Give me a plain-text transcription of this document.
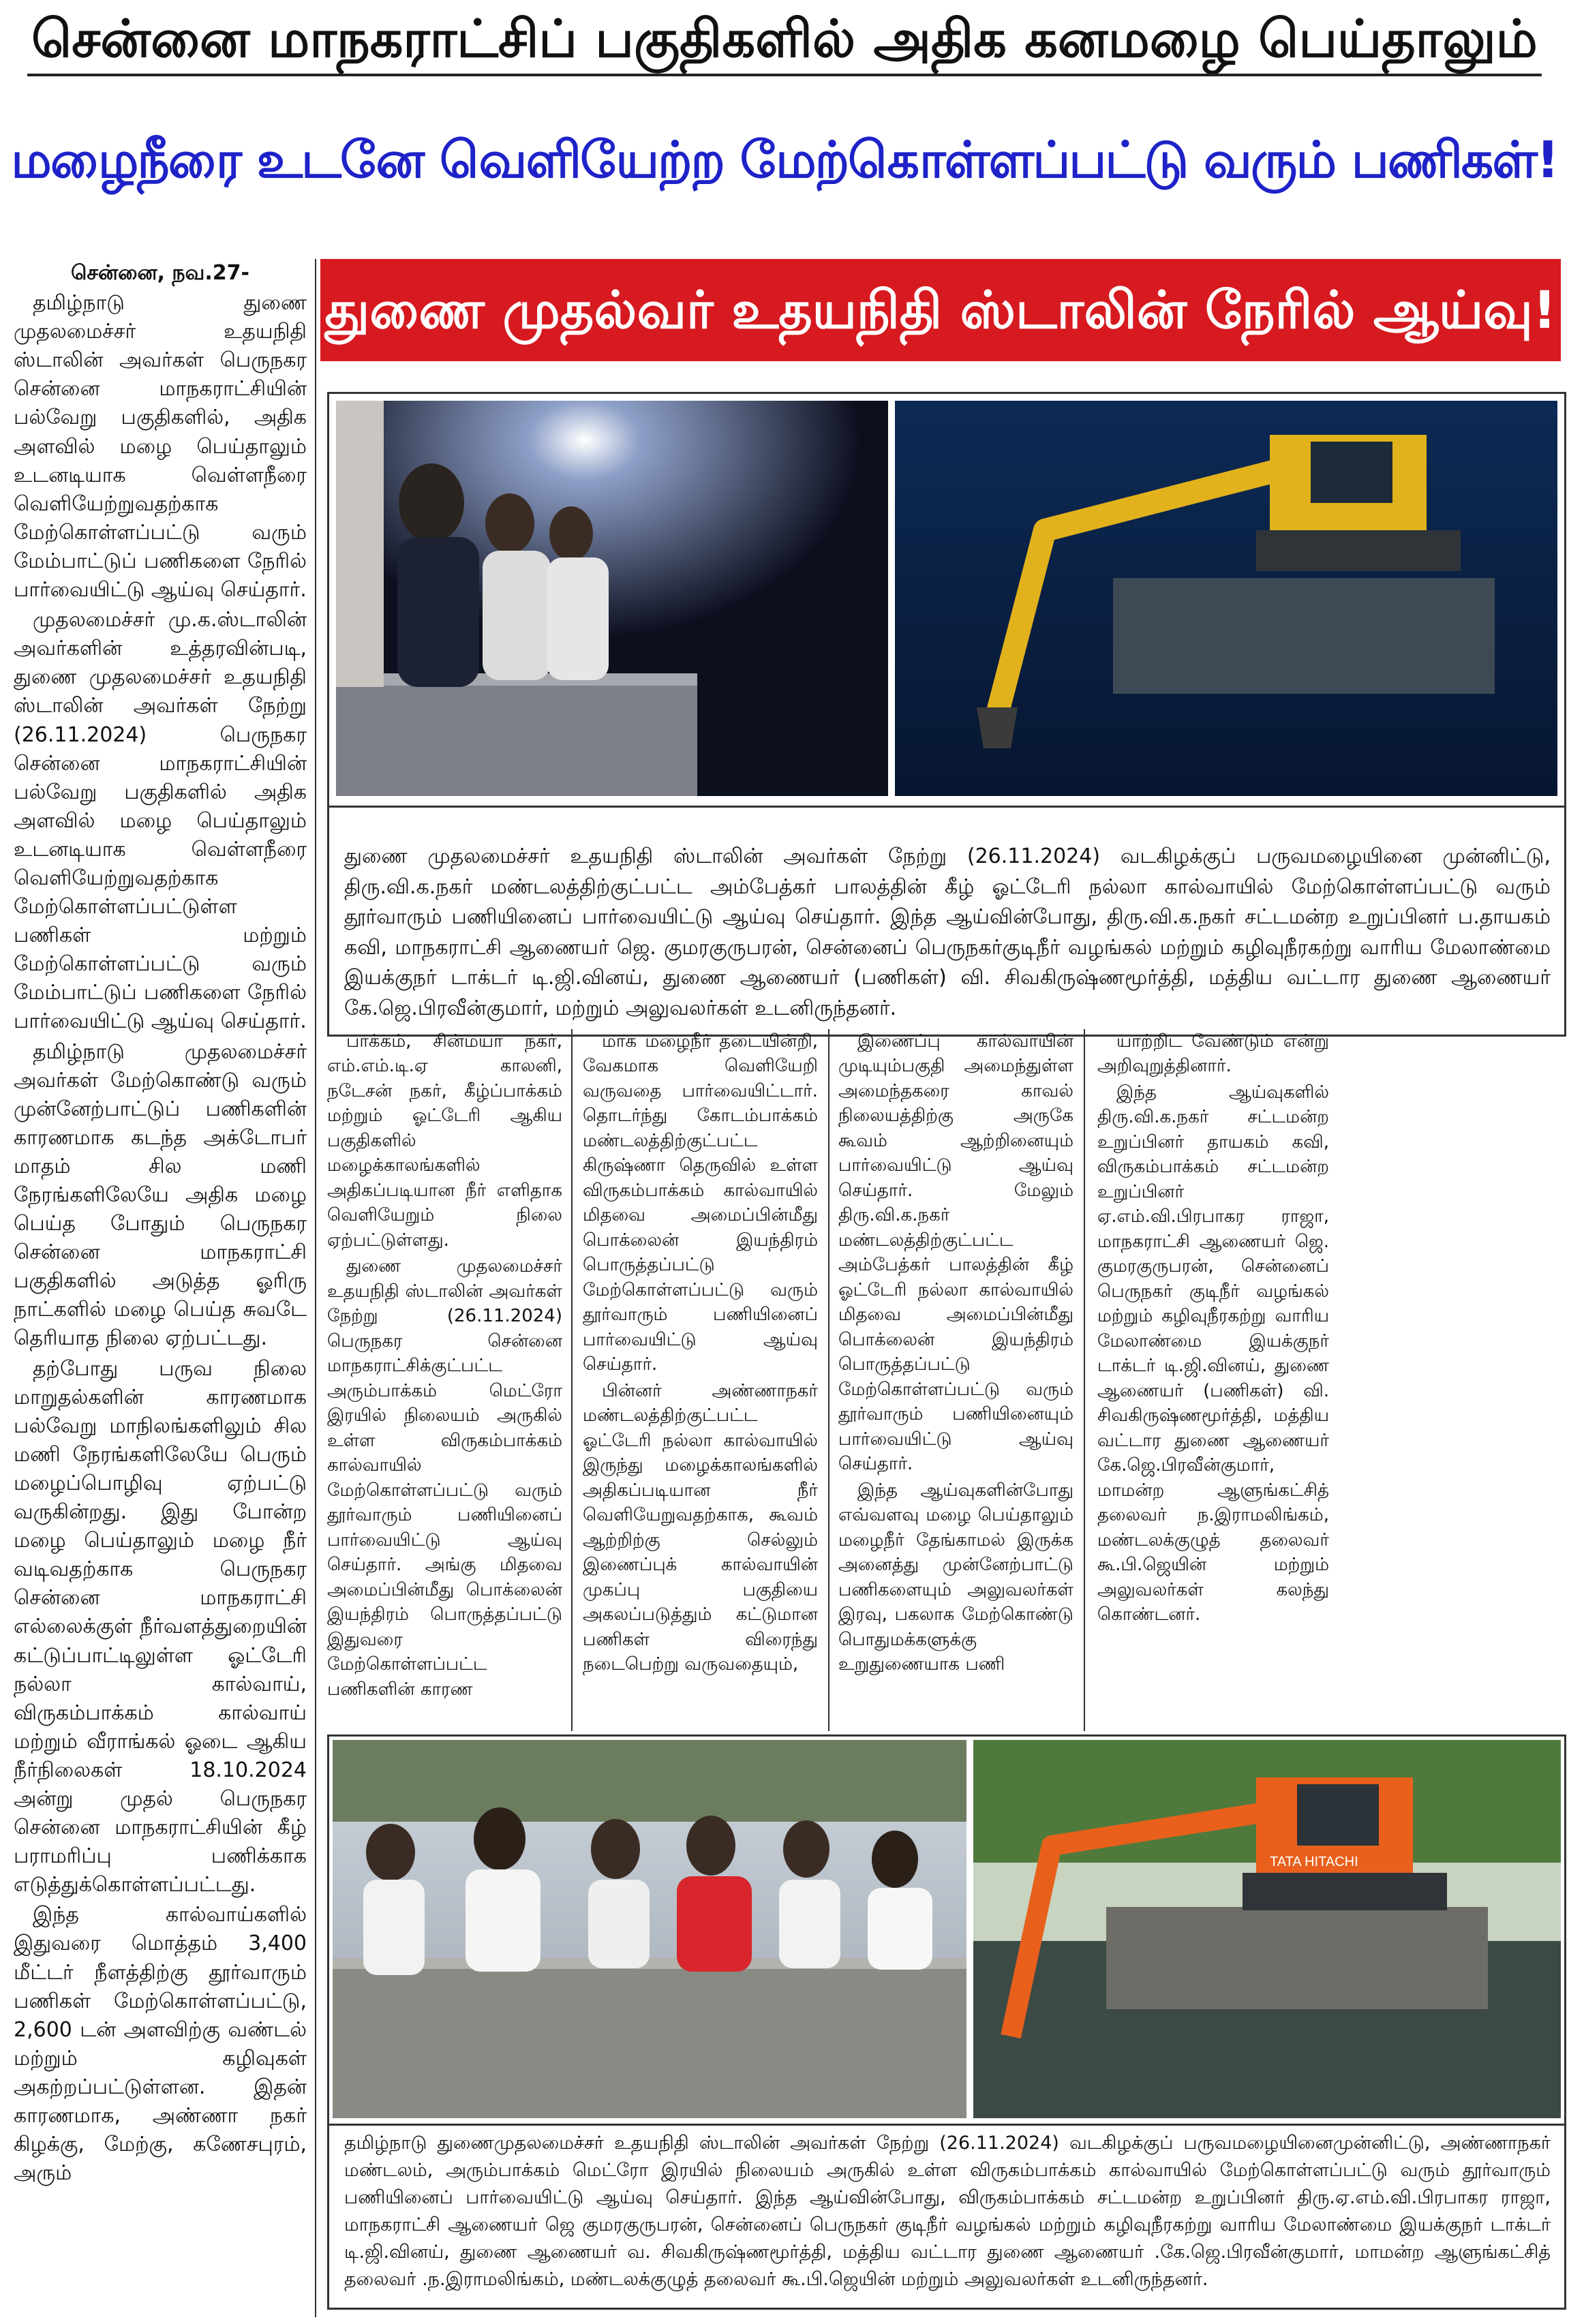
சென்னை மாநகராட்சிப் பகுதிகளில் அதிக கனமழை பெய்தாலும்
மழைநீரை உடனே வெளியேற்ற மேற்கொள்ளப்பட்டு வரும் பணிகள்!
துணை முதல்வர் உதயநிதி ஸ்டாலின் நேரில் ஆய்வு!

சென்னை, நவ.27-

தமிழ்நாடு துணை முதலமைச்சர் உதயநிதி ஸ்டாலின் அவர்கள் பெருநகர சென்னை மாநகராட்சியின் பல்வேறு பகுதிகளில், அதிக அளவில் மழை பெய்தாலும் உடனடியாக வெள்ளநீரை வெளியேற்றுவதற்காக மேற்கொள்ளப்பட்டு வரும் மேம்பாட்டுப் பணிகளை நேரில் பார்வையிட்டு ஆய்வு செய்தார்.

முதலமைச்சர் மு.க.ஸ்டாலின் அவர்களின் உத்தரவின்படி, துணை முதலமைச்சர் உதயநிதி ஸ்டாலின் அவர்கள் நேற்று (26.11.2024) பெருநகர சென்னை மாநகராட்சியின் பல்வேறு பகுதிகளில் அதிக அளவில் மழை பெய்தாலும் உடனடியாக வெள்ளநீரை வெளியேற்றுவதற்காக மேற்கொள்ளப்பட்டுள்ள பணிகள் மற்றும் மேற்கொள்ளப்பட்டு வரும் மேம்பாட்டுப் பணிகளை நேரில் பார்வையிட்டு ஆய்வு செய்தார்.

தமிழ்நாடு முதலமைச்சர் அவர்கள் மேற்கொண்டு வரும் முன்னேற்பாட்டுப் பணிகளின் காரணமாக கடந்த அக்டோபர் மாதம் சில மணி நேரங்களிலேயே அதிக மழை பெய்த போதும் பெருநகர சென்னை மாநகராட்சி பகுதிகளில் அடுத்த ஓரிரு நாட்களில் மழை பெய்த சுவடே தெரியாத நிலை ஏற்பட்டது.

தற்போது பருவ நிலை மாறுதல்களின் காரணமாக பல்வேறு மாநிலங்களிலும் சில மணி நேரங்களிலேயே பெரும் மழைப்பொழிவு ஏற்பட்டு வருகின்றது. இது போன்ற மழை பெய்தாலும் மழை நீர் வடிவதற்காக பெருநகர சென்னை மாநகராட்சி எல்லைக்குள் நீர்வளத்துறையின் கட்டுப்பாட்டிலுள்ள ஓட்டேரி நல்லா கால்வாய், விருகம்பாக்கம் கால்வாய் மற்றும் வீராங்கல் ஓடை ஆகிய நீர்நிலைகள் 18.10.2024 அன்று முதல் பெருநகர சென்னை மாநகராட்சியின் கீழ் பராமரிப்பு பணிக்காக எடுத்துக்கொள்ளப்பட்டது.

இந்த கால்வாய்களில் இதுவரை மொத்தம் 3,400 மீட்டர் நீளத்திற்கு தூர்வாரும் பணிகள் மேற்கொள்ளப்பட்டு, 2,600 டன் அளவிற்கு வண்டல் மற்றும் கழிவுகள் அகற்றப்பட்டுள்ளன. இதன் காரணமாக, அண்ணா நகர் கிழக்கு, மேற்கு, கணேசபுரம், அரும்

துணை முதலமைச்சர் உதயநிதி ஸ்டாலின் அவர்கள் நேற்று (26.11.2024) வடகிழக்குப் பருவமழையினை முன்னிட்டு, திரு.வி.க.நகர் மண்டலத்திற்குட்பட்ட அம்பேத்கர் பாலத்தின் கீழ் ஓட்டேரி நல்லா கால்வாயில் மேற்கொள்ளப்பட்டு வரும் தூர்வாரும் பணியினைப் பார்வையிட்டு ஆய்வு செய்தார். இந்த ஆய்வின்போது, திரு.வி.க.நகர் சட்டமன்ற உறுப்பினர் ப.தாயகம் கவி, மாநகராட்சி ஆணையர் ஜெ. குமரகுருபரன், சென்னைப் பெருநகர்குடிநீர் வழங்கல் மற்றும் கழிவுநீரகற்று வாரிய மேலாண்மை இயக்குநர் டாக்டர் டி.ஜி.வினய், துணை ஆணையர் (பணிகள்) வி. சிவகிருஷ்ணமூர்த்தி, மத்திய வட்டார துணை ஆணையர் கே.ஜெ.பிரவீன்குமார், மற்றும் அலுவலர்கள் உடனிருந்தனர்.

பாக்கம், சின்மயா நகர், எம்.எம்.டி.ஏ காலனி, நடேசன் நகர், கீழ்ப்பாக்கம் மற்றும் ஓட்டேரி ஆகிய பகுதிகளில் மழைக்காலங்களில் அதிகப்படியான நீர் எளிதாக வெளியேறும் நிலை ஏற்பட்டுள்ளது.

துணை முதலமைச்சர் உதயநிதி ஸ்டாலின் அவர்கள் நேற்று (26.11.2024) பெருநகர சென்னை மாநகராட்சிக்குட்பட்ட அரும்பாக்கம் மெட்ரோ இரயில் நிலையம் அருகில் உள்ள விருகம்பாக்கம் கால்வாயில் மேற்கொள்ளப்பட்டு வரும் தூர்வாரும் பணியினைப் பார்வையிட்டு ஆய்வு செய்தார். அங்கு மிதவை அமைப்பின்மீது பொக்லைன் இயந்திரம் பொருத்தப்பட்டு இதுவரை மேற்கொள்ளப்பட்ட பணிகளின் காரண

மாக மழைநீர் தடையின்றி, வேகமாக வெளியேறி வருவதை பார்வையிட்டார். தொடர்ந்து கோடம்பாக்கம் மண்டலத்திற்குட்பட்ட கிருஷ்ணா தெருவில் உள்ள விருகம்பாக்கம் கால்வாயில் மிதவை அமைப்பின்மீது பொக்லைன் இயந்திரம் பொருத்தப்பட்டு மேற்கொள்ளப்பட்டு வரும் தூர்வாரும் பணியினைப் பார்வையிட்டு ஆய்வு செய்தார்.

பின்னர் அண்ணாநகர் மண்டலத்திற்குட்பட்ட ஓட்டேரி நல்லா கால்வாயில் இருந்து மழைக்காலங்களில் அதிகப்படியான நீர் வெளியேறுவதற்காக, கூவம் ஆற்றிற்கு செல்லும் இணைப்புக் கால்வாயின் முகப்பு பகுதியை அகலப்படுத்தும் கட்டுமான பணிகள் விரைந்து நடைபெற்று வருவதையும்,

இணைப்பு கால்வாயின் முடியும்பகுதி அமைந்துள்ள அமைந்தகரை காவல் நிலையத்திற்கு அருகே கூவம் ஆற்றினையும் பார்வையிட்டு ஆய்வு செய்தார். மேலும் திரு.வி.க.நகர் மண்டலத்திற்குட்பட்ட அம்பேத்கர் பாலத்தின் கீழ் ஓட்டேரி நல்லா கால்வாயில் மிதவை அமைப்பின்மீது பொக்லைன் இயந்திரம் பொருத்தப்பட்டு மேற்கொள்ளப்பட்டு வரும் தூர்வாரும் பணியினையும் பார்வையிட்டு ஆய்வு செய்தார்.

இந்த ஆய்வுகளின்போது எவ்வளவு மழை பெய்தாலும் மழைநீர் தேங்காமல் இருக்க அனைத்து முன்னேற்பாட்டு பணிகளையும் அலுவலர்கள் இரவு, பகலாக மேற்கொண்டு பொதுமக்களுக்கு உறுதுணையாக பணி

யாற்றிட வேண்டும் என்று அறிவுறுத்தினார்.

இந்த ஆய்வுகளில் திரு.வி.க.நகர் சட்டமன்ற உறுப்பினர் தாயகம் கவி, விருகம்பாக்கம் சட்டமன்ற உறுப்பினர் ஏ.எம்.வி.பிரபாகர ராஜா, மாநகராட்சி ஆணையர் ஜெ. குமரகுருபரன், சென்னைப் பெருநகர் குடிநீர் வழங்கல் மற்றும் கழிவுநீரகற்று வாரிய மேலாண்மை இயக்குநர் டாக்டர் டி.ஜி.வினய், துணை ஆணையர் (பணிகள்) வி. சிவகிருஷ்ணமூர்த்தி, மத்திய வட்டார துணை ஆணையர் கே.ஜெ.பிரவீன்குமார், மாமன்ற ஆளுங்கட்சித் தலைவர் ந.இராமலிங்கம், மண்டலக்குழுத் தலைவர் கூ.பி.ஜெயின் மற்றும் அலுவலர்கள் கலந்து கொண்டனர்.

TATA HITACHI
தமிழ்நாடு துணைமுதலமைச்சர் உதயநிதி ஸ்டாலின் அவர்கள் நேற்று (26.11.2024) வடகிழக்குப் பருவமழையினைமுன்னிட்டு, அண்ணாநகர் மண்டலம், அரும்பாக்கம் மெட்ரோ இரயில் நிலையம் அருகில் உள்ள விருகம்பாக்கம் கால்வாயில் மேற்கொள்ளப்பட்டு வரும் தூர்வாரும் பணியினைப் பார்வையிட்டு ஆய்வு செய்தார். இந்த ஆய்வின்போது, விருகம்பாக்கம் சட்டமன்ற உறுப்பினர் திரு.ஏ.எம்.வி.பிரபாகர ராஜா, மாநகராட்சி ஆணையர் ஜெ குமரகுருபரன், சென்னைப் பெருநகர் குடிநீர் வழங்கல் மற்றும் கழிவுநீரகற்று வாரிய மேலாண்மை இயக்குநர் டாக்டர் டி.ஜி.வினய், துணை ஆணையர் வ. சிவகிருஷ்ணமூர்த்தி, மத்திய வட்டார துணை ஆணையர் .கே.ஜெ.பிரவீன்குமார், மாமன்ற ஆளுங்கட்சித் தலைவர் .ந.இராமலிங்கம், மண்டலக்குழுத் தலைவர் கூ.பி.ஜெயின் மற்றும் அலுவலர்கள் உடனிருந்தனர்.
